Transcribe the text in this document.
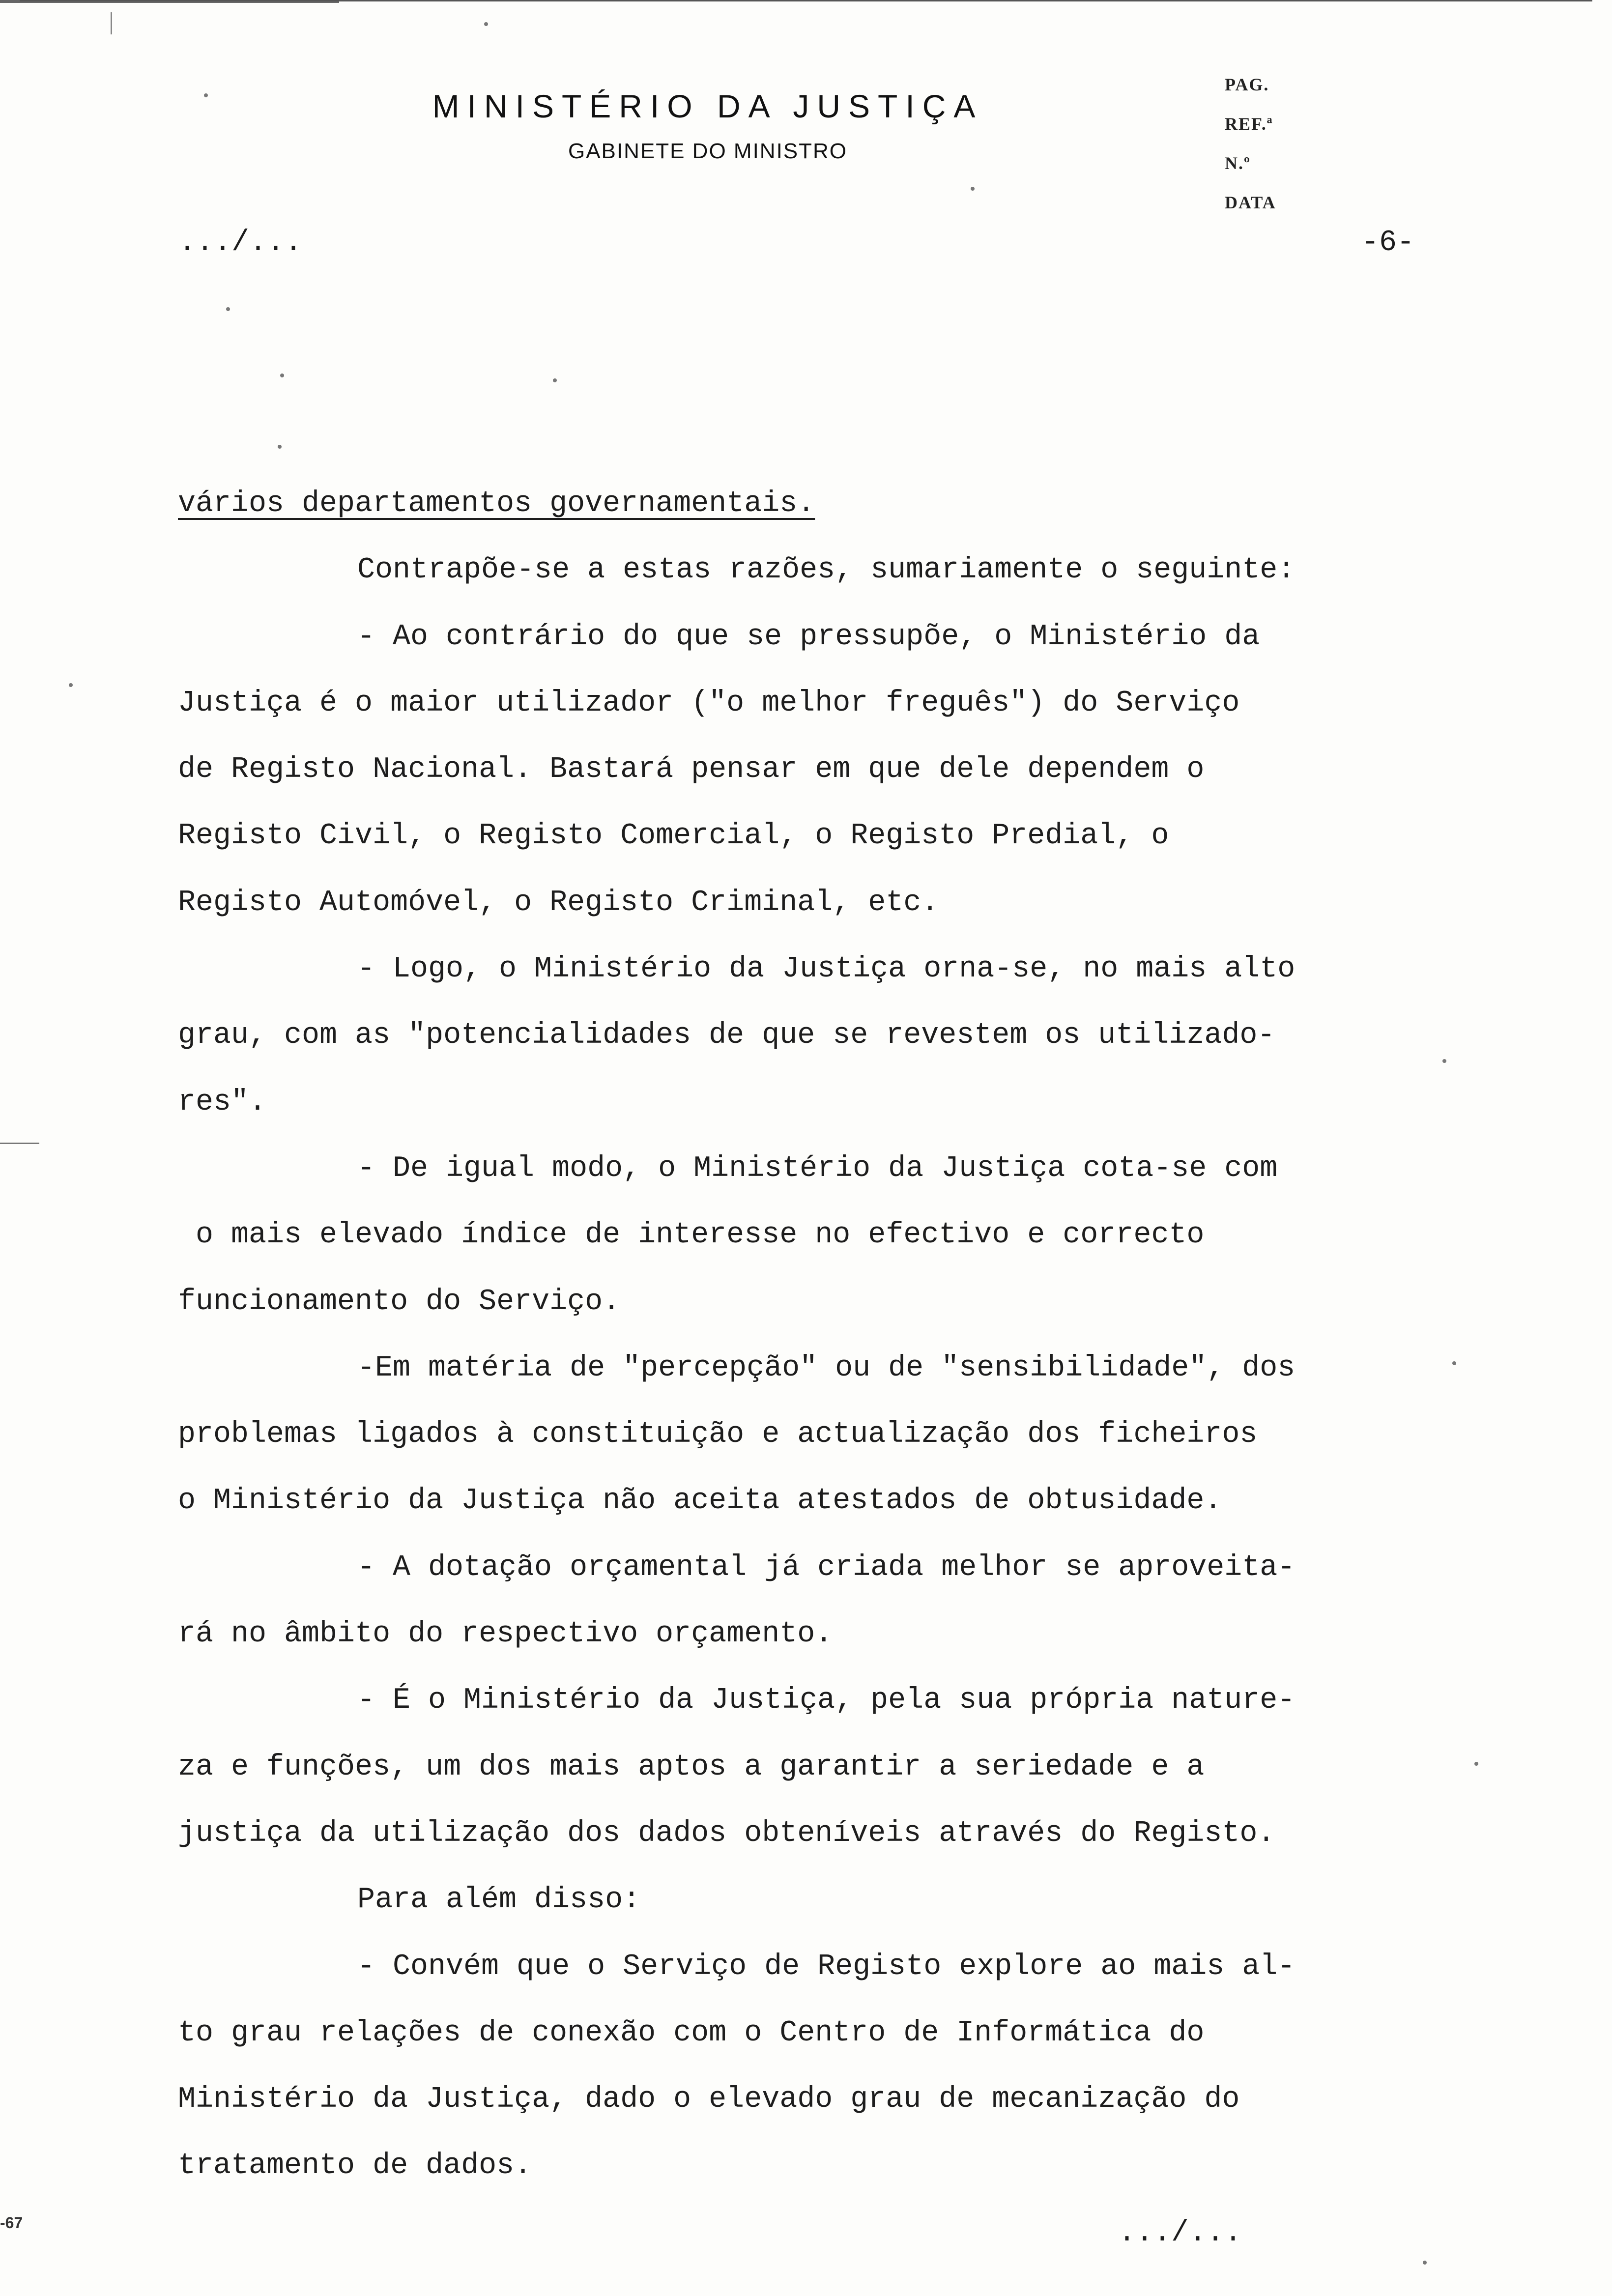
MINISTÉRIO DA JUSTIÇA
GABINETE DO MINISTRO
PAG.
REF.ª
N.º
DATA
.../...	-6-
vários departamentos governamentais.
Contrapõe-se a estas razões, sumariamente o seguinte:
- Ao contrário do que se pressupõe, o Ministério da
Justiça é o maior utilizador ("o melhor freguês") do Serviço
de Registo Nacional. Bastará pensar em que dele dependem o
Registo Civil, o Registo Comercial, o Registo Predial, o
Registo Automóvel, o Registo Criminal, etc.
- Logo, o Ministério da Justiça orna-se, no mais alto
grau, com as "potencialidades de que se revestem os utilizado-
res".
- De igual modo, o Ministério da Justiça cota-se com
o mais elevado índice de interesse no efectivo e correcto
funcionamento do Serviço.
-Em matéria de "percepção" ou de "sensibilidade", dos
problemas ligados à constituição e actualização dos ficheiros
o Ministério da Justiça não aceita atestados de obtusidade.
- A dotação orçamental já criada melhor se aproveita-
rá no âmbito do respectivo orçamento.
- É o Ministério da Justiça, pela sua própria nature-
za e funções, um dos mais aptos a garantir a seriedade e a
justiça da utilização dos dados obteníveis através do Registo.
Para além disso:
- Convém que o Serviço de Registo explore ao mais al-
to grau relações de conexão com o Centro de Informática do
Ministério da Justiça, dado o elevado grau de mecanização do
tratamento de dados.
.../...
-67
